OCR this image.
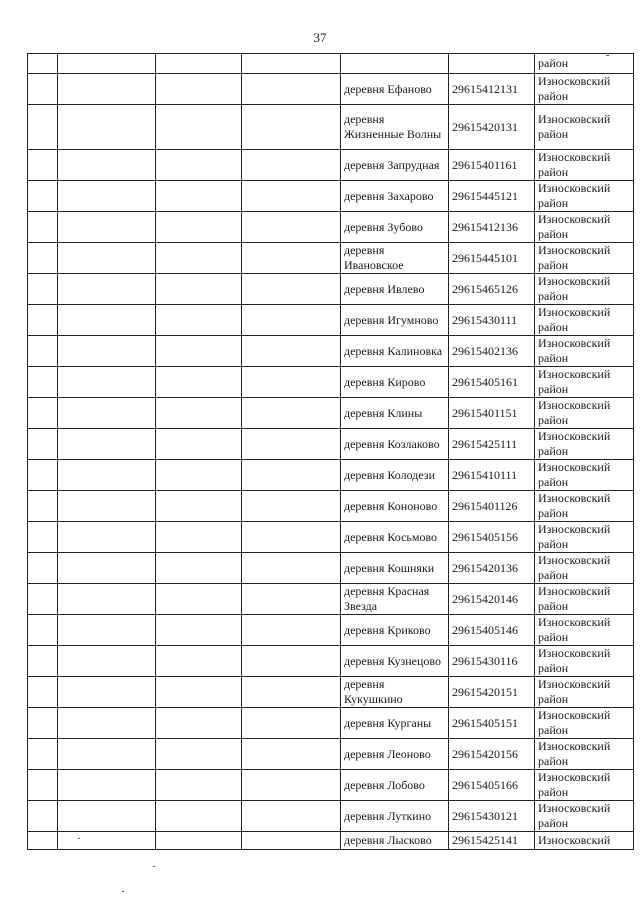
37
-
						район
				деревня Ефаново	29615412131	Износковский район
				деревня Жизненные Волны	29615420131	Износковский район
				деревня Запрудная	29615401161	Износковский район
				деревня Захарово	29615445121	Износковский район
				деревня Зубово	29615412136	Износковский район
				деревня Ивановское	29615445101	Износковский район
				деревня Ивлево	29615465126	Износковский район
				деревня Игумново	29615430111	Износковский район
				деревня Калиновка	29615402136	Износковский район
				деревня Кирово	29615405161	Износковский район
				деревня Клины	29615401151	Износковский район
				деревня Козлаково	29615425111	Износковский район
				деревня Колодези	29615410111	Износковский район
				деревня Кононово	29615401126	Износковский район
				деревня Косьмово	29615405156	Износковский район
				деревня Кошняки	29615420136	Износковский район
				деревня Красная Звезда	29615420146	Износковский район
				деревня Криково	29615405146	Износковский район
				деревня Кузнецово	29615430116	Износковский район
				деревня Кукушкино	29615420151	Износковский район
				деревня Курганы	29615405151	Износковский район
				деревня Леоново	29615420156	Износковский район
				деревня Лобово	29615405166	Износковский район
				деревня Луткино	29615430121	Износковский район
				деревня Лысково	29615425141	Износковский
